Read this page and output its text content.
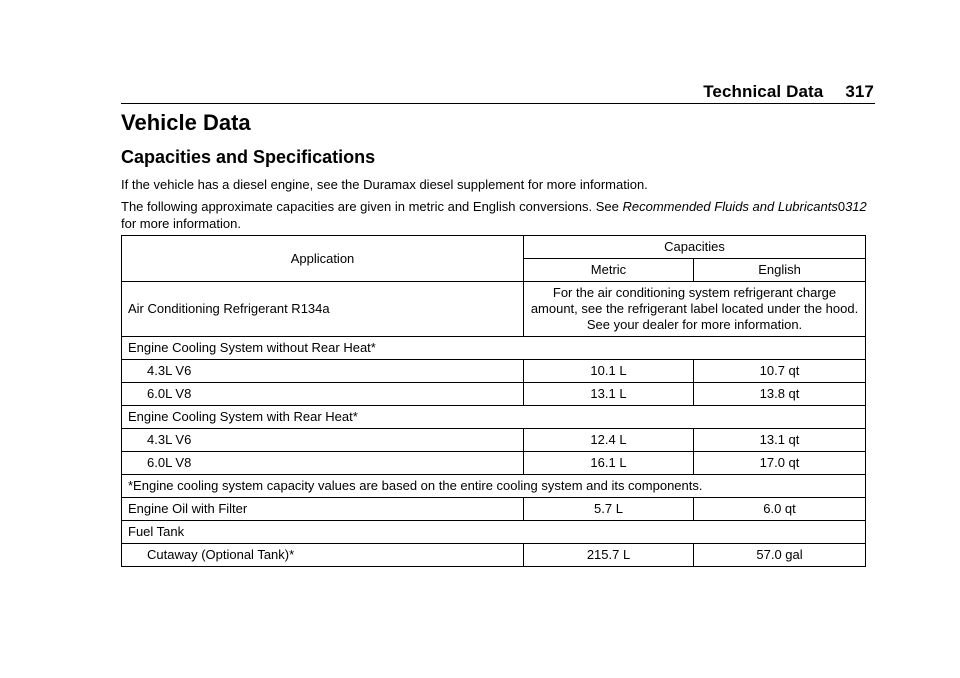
Technical Data 317
Vehicle Data
Capacities and Specifications

If the vehicle has a diesel engine, see the Duramax diesel supplement for more information.

The following approximate capacities are given in metric and English conversions. See Recommended Fluids and Lubricants0312 for more information.

Application	Capacities	
	Metric	English
Air Conditioning Refrigerant R134a	For the air conditioning system refrigerant charge amount, see the refrigerant label located under the hood. See your dealer for more information.	
Engine Cooling System without Rear Heat*		
4.3L V6	10.1 L	10.7 qt
6.0L V8	13.1 L	13.8 qt
Engine Cooling System with Rear Heat*		
4.3L V6	12.4 L	13.1 qt
6.0L V8	16.1 L	17.0 qt
*Engine cooling system capacity values are based on the entire cooling system and its components.		
Engine Oil with Filter	5.7 L	6.0 qt
Fuel Tank		
Cutaway (Optional Tank)*	215.7 L	57.0 gal
